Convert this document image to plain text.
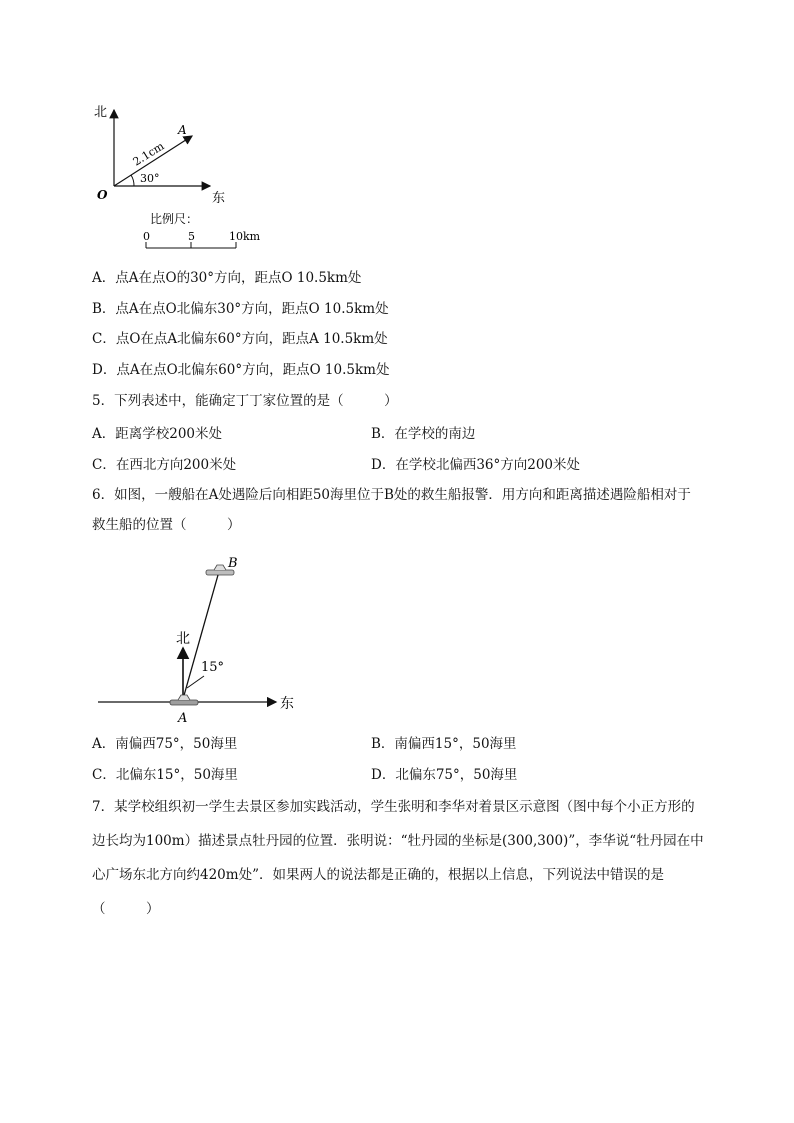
北
东
O
A
2.1cm
30°
比例尺：
0	5	10km
A．点A在点O的30°方向，距点O 10.5km处
B．点A在点O北偏东30°方向，距点O 10.5km处
C．点O在点A北偏东60°方向，距点A 10.5km处
D．点A在点O北偏东60°方向，距点O 10.5km处
5．下列表述中，能确定丁丁家位置的是（　　　）
A．距离学校200米处	B．在学校的南边
C．在西北方向200米处	D．在学校北偏西36°方向200米处
6．如图，一艘船在A处遇险后向相距50海里位于B处的救生船报警．用方向和距离描述遇险船相对于救生船的位置（　　　）
B
北
15°
东
A
A．南偏西75°，50海里	B．南偏西15°，50海里
C．北偏东15°，50海里	D．北偏东75°，50海里
7．某学校组织初一学生去景区参加实践活动，学生张明和李华对着景区示意图（图中每个小正方形的边长均为100m）描述景点牡丹园的位置．张明说：“牡丹园的坐标是(300,300)”，李华说“牡丹园在中心广场东北方向约420m处”．如果两人的说法都是正确的，根据以上信息，下列说法中错误的是（　　　）
